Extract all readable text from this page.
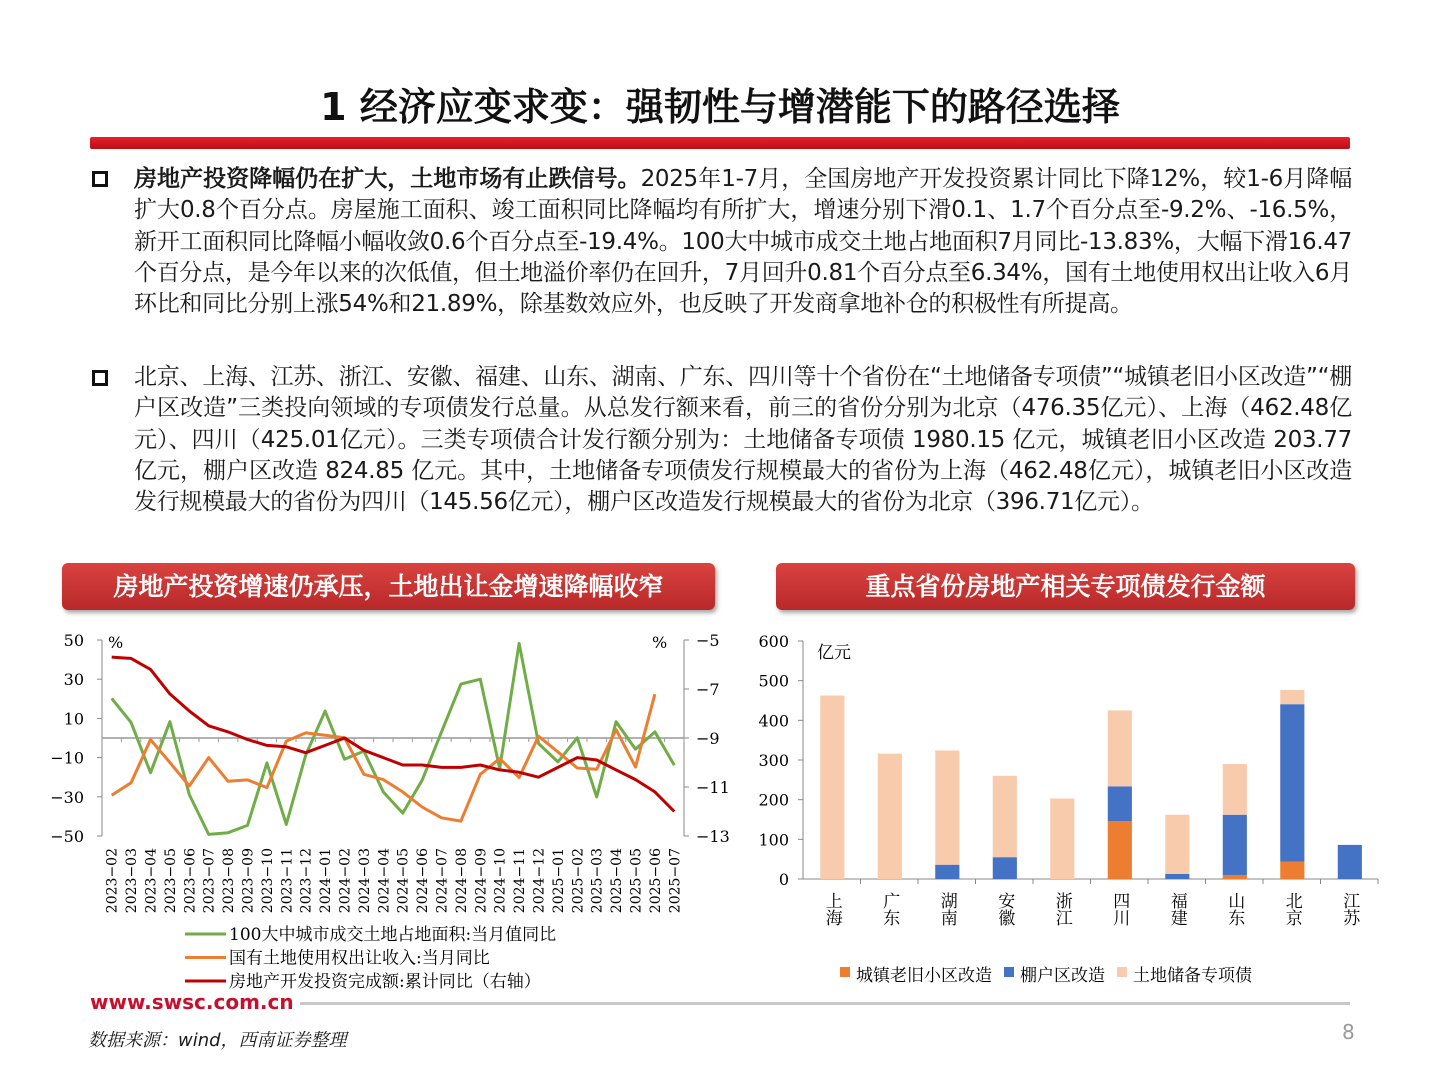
1 经济应变求变：强韧性与增潜能下的路径选择
房地产投资降幅仍在扩大，土地市场有止跌信号。2025年1-7月，全国房地产开发投资累计同比下降12%，较1-6月降幅扩大0.8个百分点。房屋施工面积、竣工面积同比降幅均有所扩大，增速分别下滑0.1、1.7个百分点至-9.2%、-16.5%，新开工面积同比降幅小幅收敛0.6个百分点至-19.4%。100大中城市成交土地占地面积7月同比-13.83%，大幅下滑16.47个百分点，是今年以来的次低值，但土地溢价率仍在回升，7月回升0.81个百分点至6.34%，国有土地使用权出让收入6月环比和同比分别上涨54%和21.89%，除基数效应外，也反映了开发商拿地补仓的积极性有所提高。
北京、上海、江苏、浙江、安徽、福建、山东、湖南、广东、四川等十个省份在“土地储备专项债”“城镇老旧小区改造”“棚户区改造”三类投向领域的专项债发行总量。从总发行额来看，前三的省份分别为北京（476.35亿元）、上海（462.48亿元）、四川（425.01亿元）。三类专项债合计发行额分别为：土地储备专项债 1980.15 亿元，城镇老旧小区改造 203.77 亿元，棚户区改造 824.85 亿元。其中，土地储备专项债发行规模最大的省份为上海（462.48亿元），城镇老旧小区改造发行规模最大的省份为四川（145.56亿元），棚户区改造发行规模最大的省份为北京（396.71亿元）。
房地产投资增速仍承压，土地出让金增速降幅收窄	重点省份房地产相关专项债发行金额
50
30
10
−10
−30
−50
−5
−7
−9
−11
−13
%	%
2023−02 2023−03 2023−04 2023−05 2023−06 2023−07 2023−08 2023−09 2023−10 2023−11 2023−12 2024−01 2024−02 2024−03 2024−04 2024−05 2024−06 2024−07 2024−08 2024−09 2024−10 2024−11 2024−12 2025−01 2025−02 2025−03 2025−04 2025−05 2025−06 2025−07
100大中城市成交土地占地面积:当月值同比
国有土地使用权出让收入:当月同比
房地产开发投资完成额:累计同比（右轴）
600
500
400
300
200
100
0
亿元
上海 广东 湖南 安徽 浙江 四川 福建 山东 北京 江苏
城镇老旧小区改造 棚户区改造 土地储备专项债
www.swsc.com.cn
数据来源：wind，西南证券整理	8
